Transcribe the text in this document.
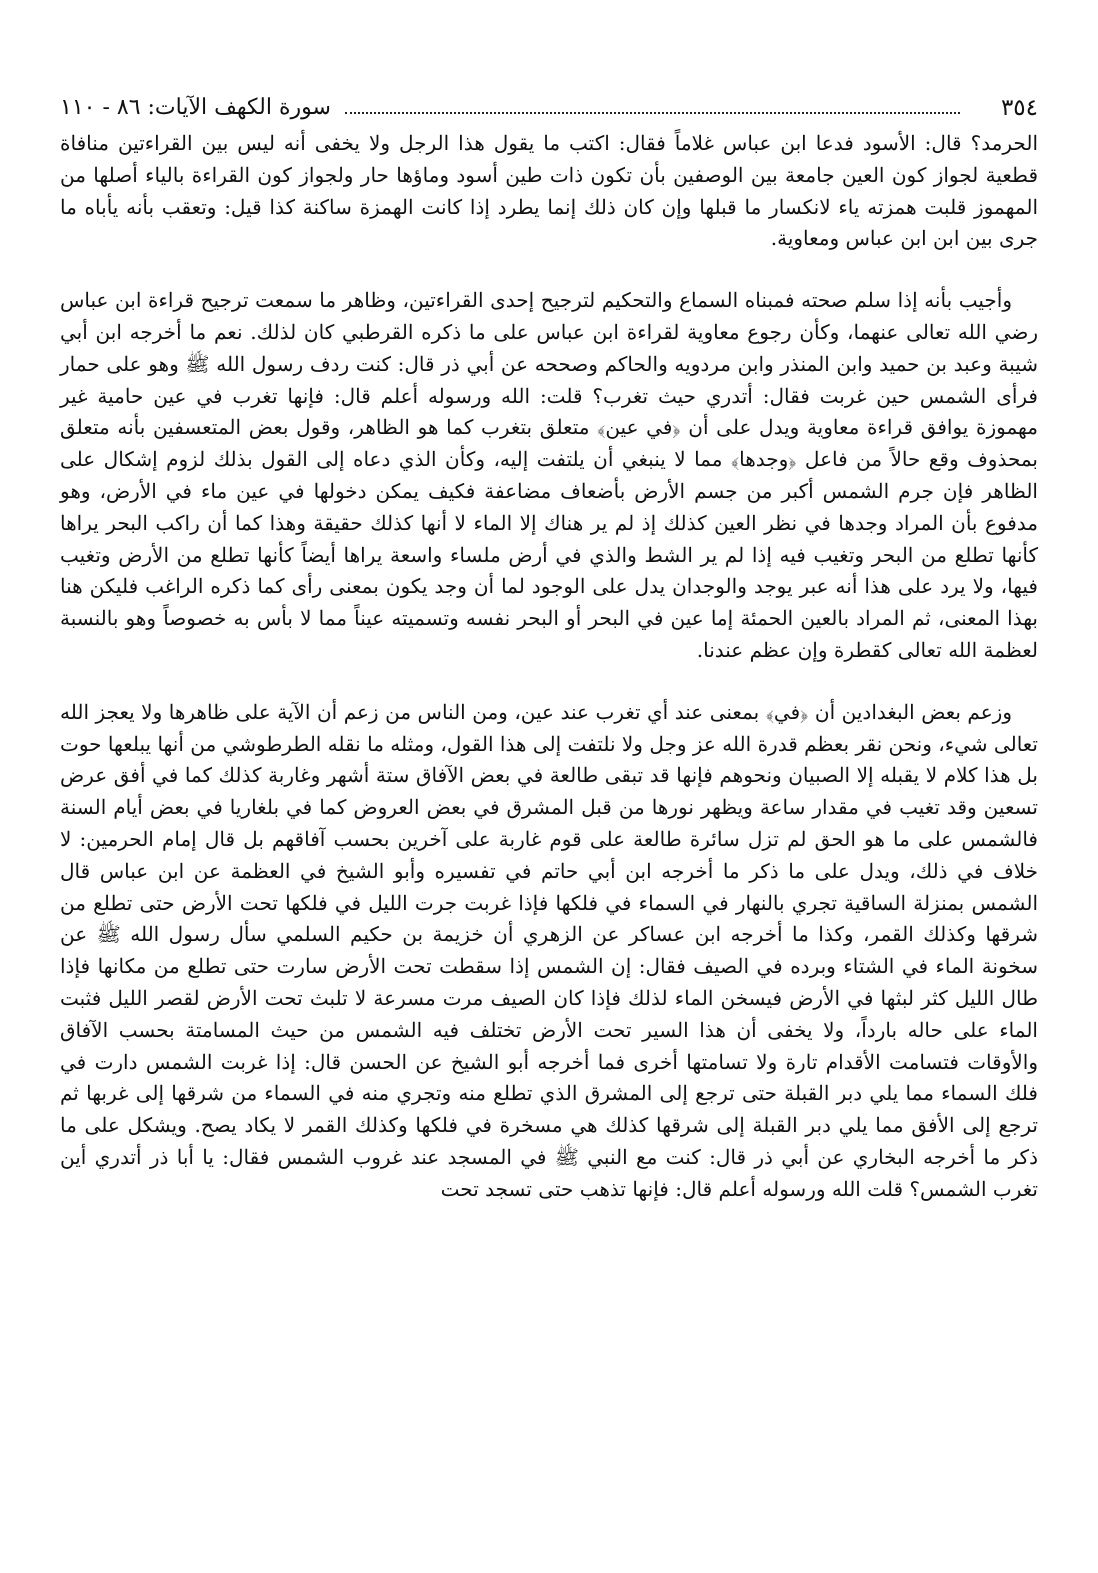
٣٥٤
سورة الكهف الآيات: ٨٦ - ١١٠

الحرمد؟ قال: الأسود فدعا ابن عباس غلاماً فقال: اكتب ما يقول هذا الرجل ولا يخفى أنه ليس بين القراءتين منافاة قطعية لجواز كون العين جامعة بين الوصفين بأن تكون ذات طين أسود وماؤها حار ولجواز كون القراءة بالياء أصلها من المهموز قلبت همزته ياء لانكسار ما قبلها وإن كان ذلك إنما يطرد إذا كانت الهمزة ساكنة كذا قيل: وتعقب بأنه يأباه ما جرى بين ابن ابن عباس ومعاوية.

وأجيب بأنه إذا سلم صحته فمبناه السماع والتحكيم لترجيح إحدى القراءتين، وظاهر ما سمعت ترجيح قراءة ابن عباس رضي الله تعالى عنهما، وكأن رجوع معاوية لقراءة ابن عباس على ما ذكره القرطبي كان لذلك. نعم ما أخرجه ابن أبي شيبة وعبد بن حميد وابن المنذر وابن مردويه والحاكم وصححه عن أبي ذر قال: كنت ردف رسول الله ﷺ وهو على حمار فرأى الشمس حين غربت فقال: أتدري حيث تغرب؟ قلت: الله ورسوله أعلم قال: فإنها تغرب في عين حامية غير مهموزة يوافق قراءة معاوية ويدل على أن ﴿في عين﴾ متعلق بتغرب كما هو الظاهر، وقول بعض المتعسفين بأنه متعلق بمحذوف وقع حالاً من فاعل ﴿وجدها﴾ مما لا ينبغي أن يلتفت إليه، وكأن الذي دعاه إلى القول بذلك لزوم إشكال على الظاهر فإن جرم الشمس أكبر من جسم الأرض بأضعاف مضاعفة فكيف يمكن دخولها في عين ماء في الأرض، وهو مدفوع بأن المراد وجدها في نظر العين كذلك إذ لم ير هناك إلا الماء لا أنها كذلك حقيقة وهذا كما أن راكب البحر يراها كأنها تطلع من البحر وتغيب فيه إذا لم ير الشط والذي في أرض ملساء واسعة يراها أيضاً كأنها تطلع من الأرض وتغيب فيها، ولا يرد على هذا أنه عبر يوجد والوجدان يدل على الوجود لما أن وجد يكون بمعنى رأى كما ذكره الراغب فليكن هنا بهذا المعنى، ثم المراد بالعين الحمئة إما عين في البحر أو البحر نفسه وتسميته عيناً مما لا بأس به خصوصاً وهو بالنسبة لعظمة الله تعالى كقطرة وإن عظم عندنا.

وزعم بعض البغدادين أن ﴿في﴾ بمعنى عند أي تغرب عند عين، ومن الناس من زعم أن الآية على ظاهرها ولا يعجز الله تعالى شيء، ونحن نقر بعظم قدرة الله عز وجل ولا نلتفت إلى هذا القول، ومثله ما نقله الطرطوشي من أنها يبلعها حوت بل هذا كلام لا يقبله إلا الصبيان ونحوهم فإنها قد تبقى طالعة في بعض الآفاق ستة أشهر وغاربة كذلك كما في أفق عرض تسعين وقد تغيب في مقدار ساعة ويظهر نورها من قبل المشرق في بعض العروض كما في بلغاريا في بعض أيام السنة فالشمس على ما هو الحق لم تزل سائرة طالعة على قوم غاربة على آخرين بحسب آفاقهم بل قال إمام الحرمين: لا خلاف في ذلك، ويدل على ما ذكر ما أخرجه ابن أبي حاتم في تفسيره وأبو الشيخ في العظمة عن ابن عباس قال الشمس بمنزلة الساقية تجري بالنهار في السماء في فلكها فإذا غربت جرت الليل في فلكها تحت الأرض حتى تطلع من شرقها وكذلك القمر، وكذا ما أخرجه ابن عساكر عن الزهري أن خزيمة بن حكيم السلمي سأل رسول الله ﷺ عن سخونة الماء في الشتاء وبرده في الصيف فقال: إن الشمس إذا سقطت تحت الأرض سارت حتى تطلع من مكانها فإذا طال الليل كثر لبثها في الأرض فيسخن الماء لذلك فإذا كان الصيف مرت مسرعة لا تلبث تحت الأرض لقصر الليل فثبت الماء على حاله بارداً، ولا يخفى أن هذا السير تحت الأرض تختلف فيه الشمس من حيث المسامتة بحسب الآفاق والأوقات فتسامت الأقدام تارة ولا تسامتها أخرى فما أخرجه أبو الشيخ عن الحسن قال: إذا غربت الشمس دارت في فلك السماء مما يلي دبر القبلة حتى ترجع إلى المشرق الذي تطلع منه وتجري منه في السماء من شرقها إلى غربها ثم ترجع إلى الأفق مما يلي دبر القبلة إلى شرقها كذلك هي مسخرة في فلكها وكذلك القمر لا يكاد يصح. ويشكل على ما ذكر ما أخرجه البخاري عن أبي ذر قال: كنت مع النبي ﷺ في المسجد عند غروب الشمس فقال: يا أبا ذر أتدري أين تغرب الشمس؟ قلت الله ورسوله أعلم قال: فإنها تذهب حتى تسجد تحت
